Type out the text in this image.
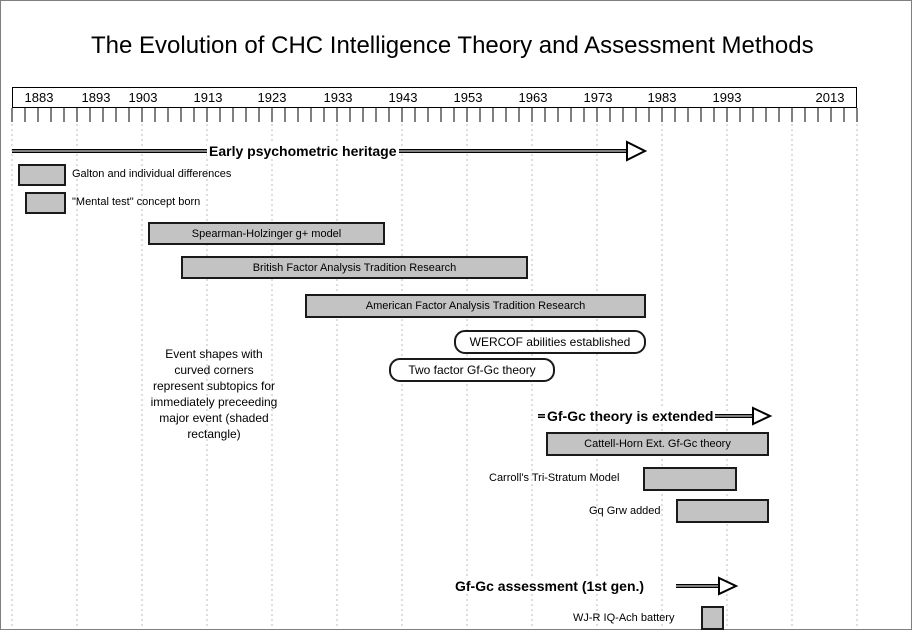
The Evolution of CHC Intelligence Theory and Assessment Methods
1883 1893 1903	1913	1923	1933	1943	1953	1963	1973	1983	1993	2013
Early psychometric heritage
Gf-Gc theory is extended
Gf-Gc assessment (1st gen.)
Galton and individual differences
"Mental test" concept born
Spearman-Holzinger g+ model
British Factor Analysis Tradition Research
American Factor Analysis Tradition Research
WERCOF abilities established
Two factor Gf-Gc theory
Cattell-Horn Ext. Gf-Gc theory
Carroll's Tri-Stratum Model
Gq Grw added
WJ-R IQ-Ach battery
Event shapes with curved corners represent subtopics for immediately preceeding major event (shaded rectangle)
